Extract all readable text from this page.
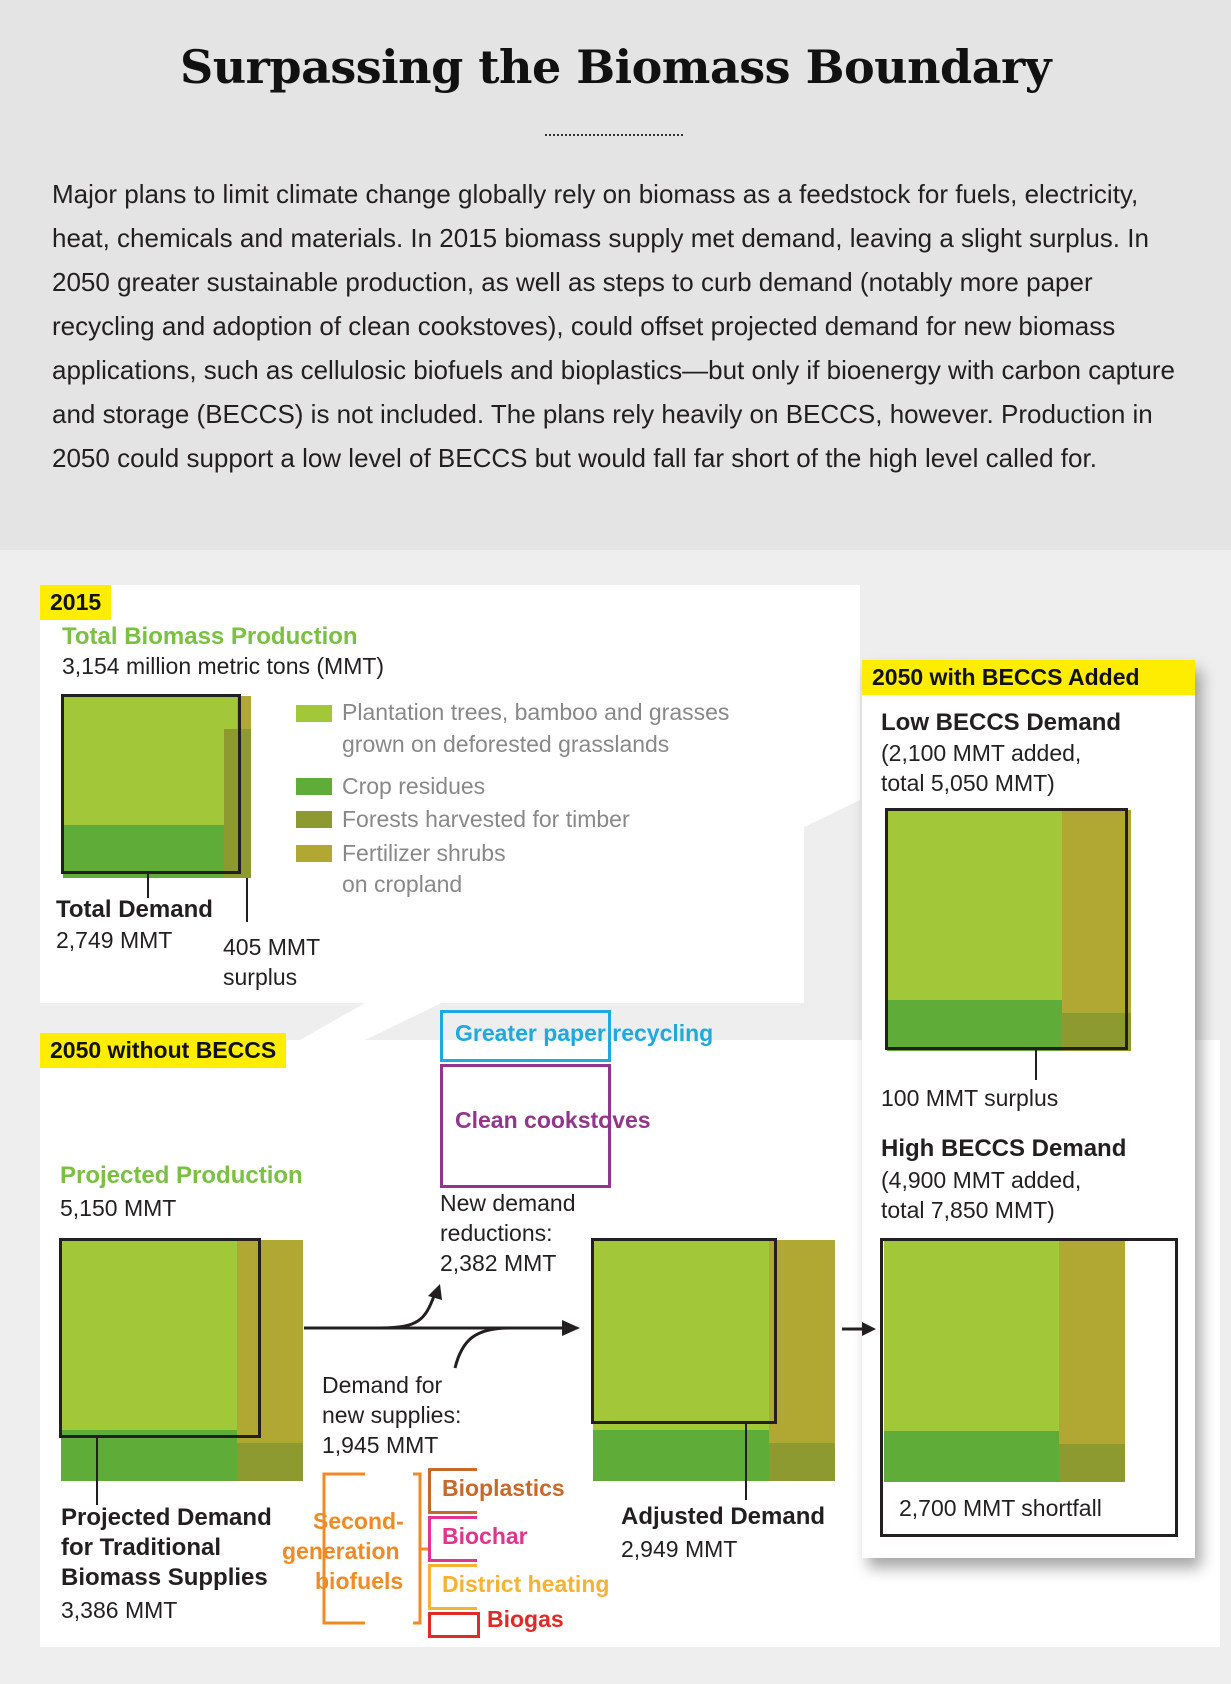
Surpassing the Biomass Boundary
Major plans to limit climate change globally rely on biomass as a feedstock for fuels, electricity, heat, chemicals and materials. In 2015 biomass supply met demand, leaving a slight surplus. In 2050 greater sustainable production, as well as steps to curb demand (notably more paper recycling and adoption of clean cookstoves), could offset projected demand for new biomass applications, such as cellulosic biofuels and bioplastics—but only if bioenergy with carbon capture and storage (BECCS) is not included. The plans rely heavily on BECCS, however. Production in 2050 could support a low level of BECCS but would fall far short of the high level called for.
2015
Total Biomass Production
3,154 million metric tons (MMT)
Total Demand
2,749 MMT 405 MMT
surplus
Plantation trees, bamboo and grasses
grown on deforested grasslands
Crop residues
Forests harvested for timber
Fertilizer shrubs
on cropland
2050 without BECCS
Projected Production
5,150 MMT
Projected Demand
for Traditional
Biomass Supplies
3,386 MMT
Greater paper recycling
Clean cookstoves
New demand
reductions:
2,382 MMT
Demand for
new supplies:
1,945 MMT
Second-
generation
biofuels
Bioplastics
Biochar
District heating
Biogas
Adjusted Demand
2,949 MMT
2050 with BECCS Added
Low BECCS Demand
(2,100 MMT added,
total 5,050 MMT)
100 MMT surplus
High BECCS Demand
(4,900 MMT added,
total 7,850 MMT)
2,700 MMT shortfall
